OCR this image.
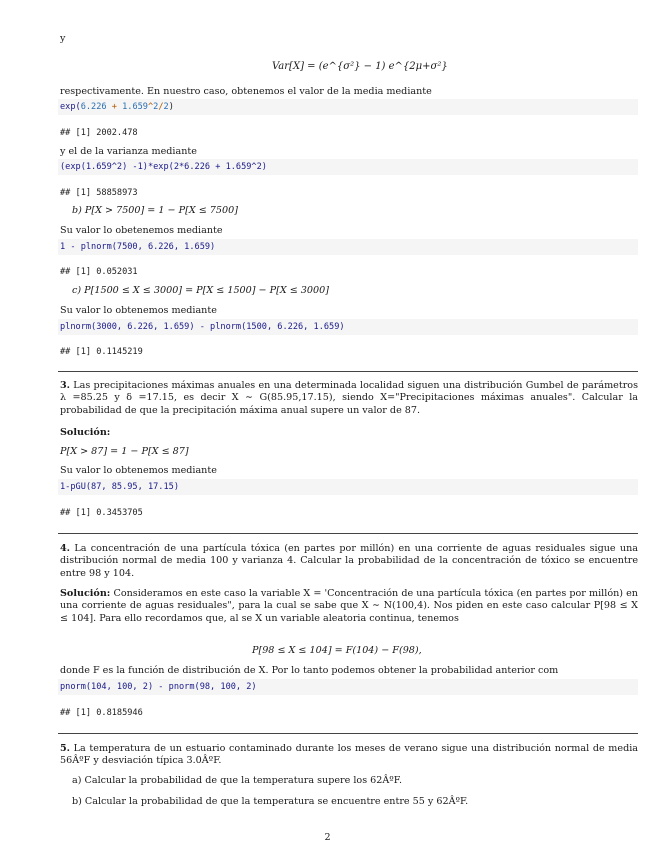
y
Var[X] = (e^{σ²} − 1) e^{2μ+σ²}
respectivamente. En nuestro caso, obtenemos el valor de la media mediante
exp(6.226 + 1.659^2/2)
## [1] 2002.478
y el de la varianza mediante
(exp(1.659^2) -1)*exp(2*6.226 + 1.659^2)
## [1] 58858973
b) P[X > 7500] = 1 − P[X ≤ 7500]
Su valor lo obetenemos mediante
1 - plnorm(7500, 6.226, 1.659)
## [1] 0.052031
c) P[1500 ≤ X ≤ 3000] = P[X ≤ 1500] − P[X ≤ 3000]
Su valor lo obtenemos mediante
plnorm(3000, 6.226, 1.659) - plnorm(1500, 6.226, 1.659)
## [1] 0.1145219
3. Las precipitaciones máximas anuales en una determinada localidad siguen una distribución Gumbel de parámetros λ =85.25 y δ =17.15, es decir X ∼ G(85.95,17.15), siendo X="Precipitaciones máximas anuales". Calcular la probabilidad de que la precipitación máxima anual supere un valor de 87.
Solución:
P[X > 87] = 1 − P[X ≤ 87]
Su valor lo obtenemos mediante
1-pGU(87, 85.95, 17.15)
## [1] 0.3453705
4. La concentración de una partícula tóxica (en partes por millón) en una corriente de aguas residuales sigue una distribución normal de media 100 y varianza 4. Calcular la probabilidad de la concentración de tóxico se encuentre entre 98 y 104.
Solución: Consideramos en este caso la variable X = 'Concentración de una partícula tóxica (en partes por millón) en una corriente de aguas residuales", para la cual se sabe que X ∼ N(100,4). Nos piden en este caso calcular P[98 ≤ X ≤ 104]. Para ello recordamos que, al se X un variable aleatoria continua, tenemos
P[98 ≤ X ≤ 104] = F(104) − F(98),
donde F es la función de distribución de X. Por lo tanto podemos obtener la probabilidad anterior com
pnorm(104, 100, 2) - pnorm(98, 100, 2)
## [1] 0.8185946
5. La temperatura de un estuario contaminado durante los meses de verano sigue una distribución normal de media 56ÂºF y desviación típica 3.0ÂºF.
a) Calcular la probabilidad de que la temperatura supere los 62ÂºF.
b) Calcular la probabilidad de que la temperatura se encuentre entre 55 y 62ÂºF.
2
